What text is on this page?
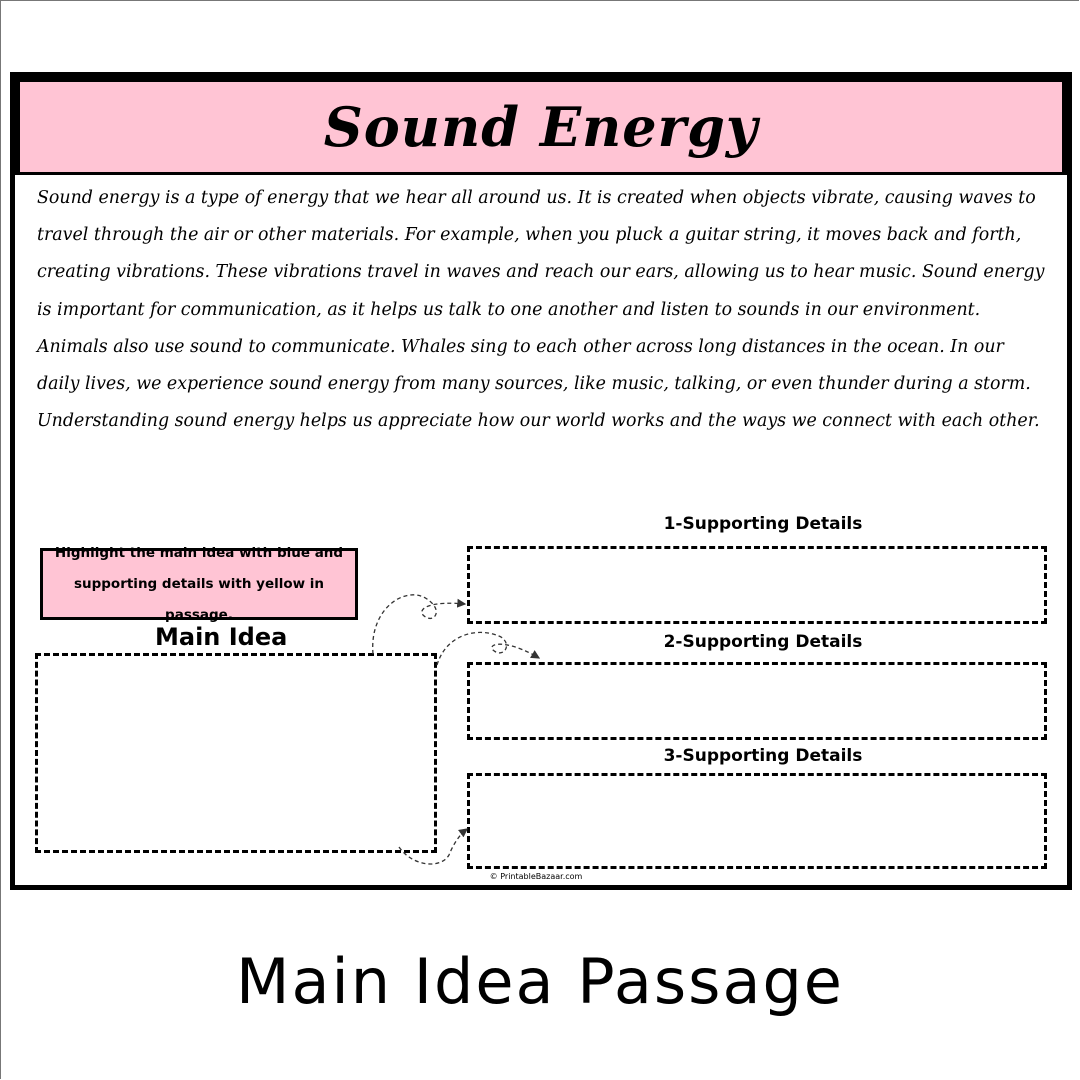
Sound Energy

Sound energy is a type of energy that we hear all around us. It is created when objects vibrate, causing waves to travel through the air or other materials. For example, when you pluck a guitar string, it moves back and forth, creating vibrations. These vibrations travel in waves and reach our ears, allowing us to hear music. Sound energy is important for communication, as it helps us talk to one another and listen to sounds in our environment. Animals also use sound to communicate. Whales sing to each other across long distances in the ocean. In our daily lives, we experience sound energy from many sources, like music, talking, or even thunder during a storm. Understanding sound energy helps us appreciate how our world works and the ways we connect with each other.

Highlight the main idea with blue and supporting details with yellow in passage.
Main Idea
1-Supporting Details
2-Supporting Details
3-Supporting Details
© PrintableBazaar.com
Main Idea Passage
